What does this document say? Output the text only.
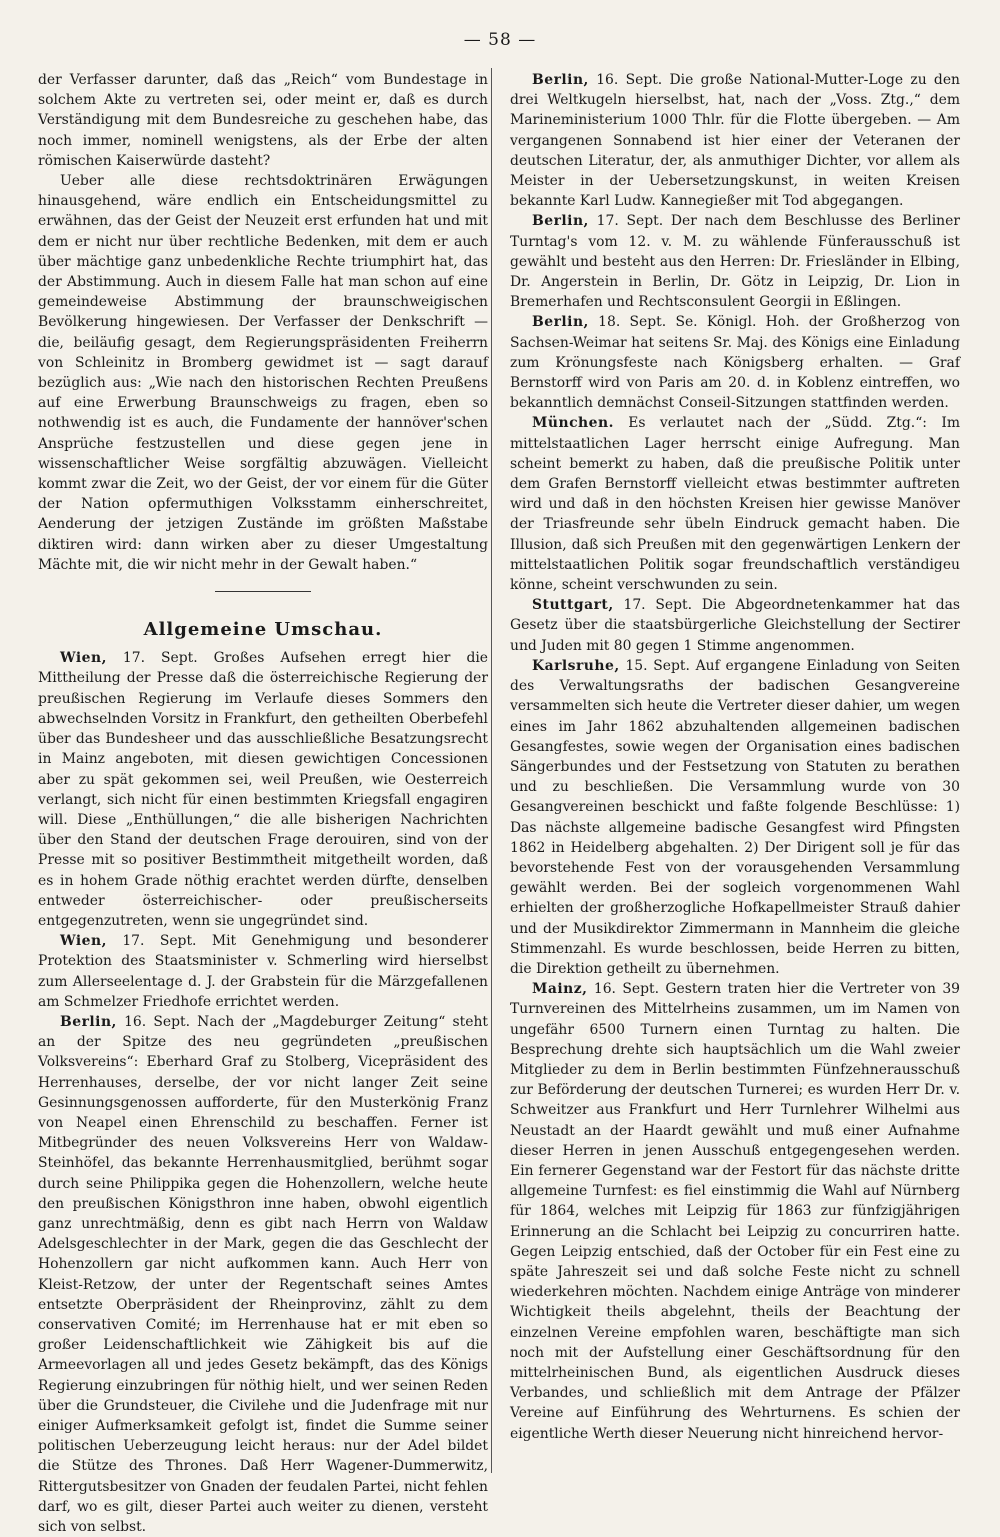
— 58 —

der Verfasser darunter, daß das „Reich“ vom Bundestage in solchem Akte zu vertreten sei, oder meint er, daß es durch Verständigung mit dem Bundesreiche zu geschehen habe, das noch immer, nominell wenigstens, als der Erbe der alten römischen Kaiserwürde dasteht?

Ueber alle diese rechtsdoktrinären Erwägungen hinausgehend, wäre endlich ein Entscheidungsmittel zu erwähnen, das der Geist der Neuzeit erst erfunden hat und mit dem er nicht nur über rechtliche Bedenken, mit dem er auch über mächtige ganz unbedenkliche Rechte triumphirt hat, das der Abstimmung. Auch in diesem Falle hat man schon auf eine gemeindeweise Abstimmung der braunschweigischen Bevölkerung hingewiesen. Der Verfasser der Denkschrift — die, beiläufig gesagt, dem Regierungspräsidenten Freiherrn von Schleinitz in Bromberg gewidmet ist — sagt darauf bezüglich aus: „Wie nach den historischen Rechten Preußens auf eine Erwerbung Braunschweigs zu fragen, eben so nothwendig ist es auch, die Fundamente der hannöver'schen Ansprüche festzustellen und diese gegen jene in wissenschaftlicher Weise sorgfältig abzuwägen. Vielleicht kommt zwar die Zeit, wo der Geist, der vor einem für die Güter der Nation opfermuthigen Volksstamm einherschreitet, Aenderung der jetzigen Zustände im größten Maßstabe diktiren wird: dann wirken aber zu dieser Umgestaltung Mächte mit, die wir nicht mehr in der Gewalt haben.“

Allgemeine Umschau.

Wien, 17. Sept. Großes Aufsehen erregt hier die Mittheilung der Presse daß die österreichische Regierung der preußischen Regierung im Verlaufe dieses Sommers den abwechselnden Vorsitz in Frankfurt, den getheilten Oberbefehl über das Bundesheer und das ausschließliche Besatzungsrecht in Mainz angeboten, mit diesen gewichtigen Concessionen aber zu spät gekommen sei, weil Preußen, wie Oesterreich verlangt, sich nicht für einen bestimmten Kriegsfall engagiren will. Diese „Enthüllungen,“ die alle bisherigen Nachrichten über den Stand der deutschen Frage derouiren, sind von der Presse mit so positiver Bestimmtheit mitgetheilt worden, daß es in hohem Grade nöthig erachtet werden dürfte, denselben entweder österreichischer- oder preußischerseits entgegenzutreten, wenn sie ungegründet sind.

Wien, 17. Sept. Mit Genehmigung und besonderer Protektion des Staatsminister v. Schmerling wird hierselbst zum Allerseelentage d. J. der Grabstein für die Märzgefallenen am Schmelzer Friedhofe errichtet werden.

Berlin, 16. Sept. Nach der „Magdeburger Zeitung“ steht an der Spitze des neu gegründeten „preußischen Volksvereins“: Eberhard Graf zu Stolberg, Vicepräsident des Herrenhauses, derselbe, der vor nicht langer Zeit seine Gesinnungsgenossen aufforderte, für den Musterkönig Franz von Neapel einen Ehrenschild zu beschaffen. Ferner ist Mitbegründer des neuen Volksvereins Herr von Waldaw-Steinhöfel, das bekannte Herrenhausmitglied, berühmt sogar durch seine Philippika gegen die Hohenzollern, welche heute den preußischen Königsthron inne haben, obwohl eigentlich ganz unrechtmäßig, denn es gibt nach Herrn von Waldaw Adelsgeschlechter in der Mark, gegen die das Geschlecht der Hohenzollern gar nicht aufkommen kann. Auch Herr von Kleist-Retzow, der unter der Regentschaft seines Amtes entsetzte Oberpräsident der Rheinprovinz, zählt zu dem conservativen Comité; im Herrenhause hat er mit eben so großer Leidenschaftlichkeit wie Zähigkeit bis auf die Armeevorlagen all und jedes Gesetz bekämpft, das des Königs Regierung einzubringen für nöthig hielt, und wer seinen Reden über die Grundsteuer, die Civilehe und die Judenfrage mit nur einiger Aufmerksamkeit gefolgt ist, findet die Summe seiner politischen Ueberzeugung leicht heraus: nur der Adel bildet die Stütze des Thrones. Daß Herr Wagener-Dummerwitz, Rittergutsbesitzer von Gnaden der feudalen Partei, nicht fehlen darf, wo es gilt, dieser Partei auch weiter zu dienen, versteht sich von selbst.

Berlin, 16. Sept. Die große National-Mutter-Loge zu den drei Weltkugeln hierselbst, hat, nach der „Voss. Ztg.,“ dem Marineministerium 1000 Thlr. für die Flotte übergeben. — Am vergangenen Sonnabend ist hier einer der Veteranen der deutschen Literatur, der, als anmuthiger Dichter, vor allem als Meister in der Uebersetzungskunst, in weiten Kreisen bekannte Karl Ludw. Kannegießer mit Tod abgegangen.

Berlin, 17. Sept. Der nach dem Beschlusse des Berliner Turntag's vom 12. v. M. zu wählende Fünferausschuß ist gewählt und besteht aus den Herren: Dr. Friesländer in Elbing, Dr. Angerstein in Berlin, Dr. Götz in Leipzig, Dr. Lion in Bremerhafen und Rechtsconsulent Georgii in Eßlingen.

Berlin, 18. Sept. Se. Königl. Hoh. der Großherzog von Sachsen-Weimar hat seitens Sr. Maj. des Königs eine Einladung zum Krönungsfeste nach Königsberg erhalten. — Graf Bernstorff wird von Paris am 20. d. in Koblenz eintreffen, wo bekanntlich demnächst Conseil-Sitzungen stattfinden werden.

München. Es verlautet nach der „Südd. Ztg.“: Im mittelstaatlichen Lager herrscht einige Aufregung. Man scheint bemerkt zu haben, daß die preußische Politik unter dem Grafen Bernstorff vielleicht etwas bestimmter auftreten wird und daß in den höchsten Kreisen hier gewisse Manöver der Triasfreunde sehr übeln Eindruck gemacht haben. Die Illusion, daß sich Preußen mit den gegenwärtigen Lenkern der mittelstaatlichen Politik sogar freundschaftlich verständigeu könne, scheint verschwunden zu sein.

Stuttgart, 17. Sept. Die Abgeordnetenkammer hat das Gesetz über die staatsbürgerliche Gleichstellung der Sectirer und Juden mit 80 gegen 1 Stimme angenommen.

Karlsruhe, 15. Sept. Auf ergangene Einladung von Seiten des Verwaltungsraths der badischen Gesangvereine versammelten sich heute die Vertreter dieser dahier, um wegen eines im Jahr 1862 abzuhaltenden allgemeinen badischen Gesangfestes, sowie wegen der Organisation eines badischen Sängerbundes und der Festsetzung von Statuten zu berathen und zu beschließen. Die Versammlung wurde von 30 Gesangvereinen beschickt und faßte folgende Beschlüsse: 1) Das nächste allgemeine badische Gesangfest wird Pfingsten 1862 in Heidelberg abgehalten. 2) Der Dirigent soll je für das bevorstehende Fest von der vorausgehenden Versammlung gewählt werden. Bei der sogleich vorgenommenen Wahl erhielten der großherzogliche Hofkapellmeister Strauß dahier und der Musikdirektor Zimmermann in Mannheim die gleiche Stimmenzahl. Es wurde beschlossen, beide Herren zu bitten, die Direktion getheilt zu übernehmen.

Mainz, 16. Sept. Gestern traten hier die Vertreter von 39 Turnvereinen des Mittelrheins zusammen, um im Namen von ungefähr 6500 Turnern einen Turntag zu halten. Die Besprechung drehte sich hauptsächlich um die Wahl zweier Mitglieder zu dem in Berlin bestimmten Fünfzehnerausschuß zur Beförderung der deutschen Turnerei; es wurden Herr Dr. v. Schweitzer aus Frankfurt und Herr Turnlehrer Wilhelmi aus Neustadt an der Haardt gewählt und muß einer Aufnahme dieser Herren in jenen Ausschuß entgegengesehen werden. Ein fernerer Gegenstand war der Festort für das nächste dritte allgemeine Turnfest: es fiel einstimmig die Wahl auf Nürnberg für 1864, welches mit Leipzig für 1863 zur fünfzigjährigen Erinnerung an die Schlacht bei Leipzig zu concurriren hatte. Gegen Leipzig entschied, daß der October für ein Fest eine zu späte Jahreszeit sei und daß solche Feste nicht zu schnell wiederkehren möchten. Nachdem einige Anträge von minderer Wichtigkeit theils abgelehnt, theils der Beachtung der einzelnen Vereine empfohlen waren, beschäftigte man sich noch mit der Aufstellung einer Geschäftsordnung für den mittelrheinischen Bund, als eigentlichen Ausdruck dieses Verbandes, und schließlich mit dem Antrage der Pfälzer Vereine auf Einführung des Wehrturnens. Es schien der eigentliche Werth dieser Neuerung nicht hinreichend hervor-
